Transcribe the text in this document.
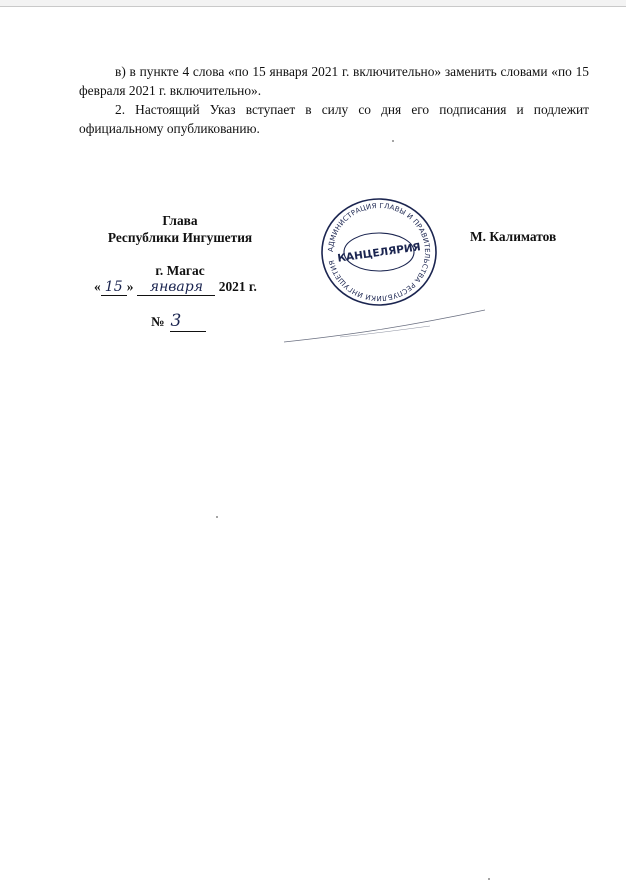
в) в пункте 4 слова «по 15 января 2021 г. включительно» заменить словами «по 15 февраля 2021 г. включительно».

2. Настоящий Указ вступает в силу со дня его подписания и подлежит официальному опубликованию.

Глава
Республики Ингушетия
г. Магас
« 15 » января 2021 г.
№ 3
АДМИНИСТРАЦИЯ ГЛАВЫ И ПРАВИТЕЛЬСТВА РЕСПУБЛИКИ ИНГУШЕТИЯ КАНЦЕЛЯРИЯ
М. Калиматов
